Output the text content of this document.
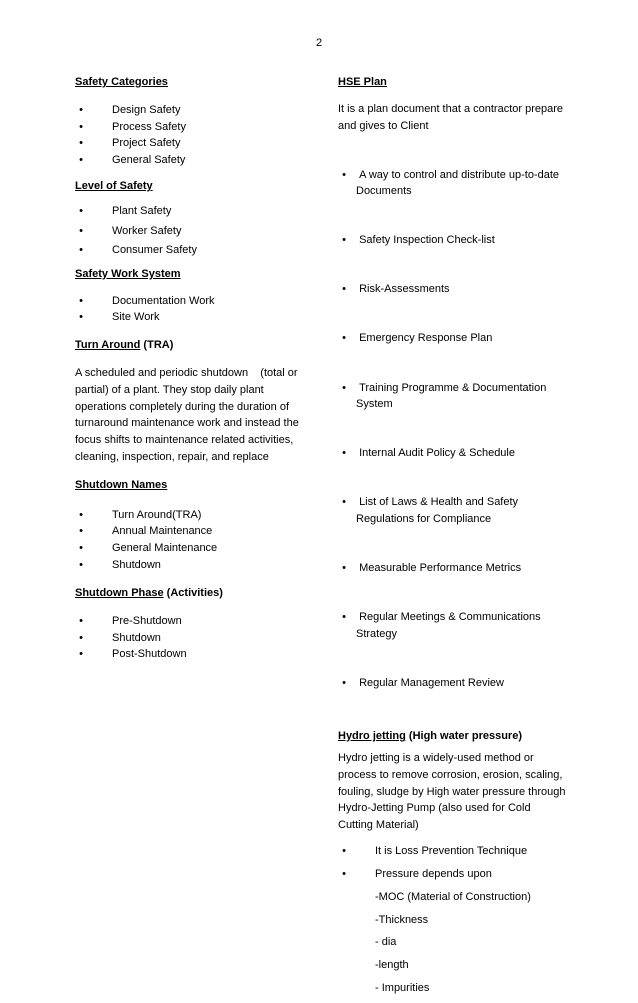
2
Safety Categories
•	Design Safety
•	Process Safety
•	Project Safety
•	General Safety
Level of Safety
•	Plant Safety
•	Worker Safety
•	Consumer Safety
Safety Work System
•	Documentation Work
•	Site Work
Turn Around (TRA)

A scheduled and periodic shutdown    (total or partial) of a plant. They stop daily plant operations completely during the duration of turnaround maintenance work and instead the focus shifts to maintenance related activities, cleaning, inspection, repair, and replace

Shutdown Names
•	Turn Around(TRA)
•	Annual Maintenance
•	General Maintenance
•	Shutdown
Shutdown Phase (Activities)
•	Pre-Shutdown
•	Shutdown
•	Post-Shutdown
HSE Plan

It is a plan document that a contractor prepare and gives to Client

• A way to control and distribute up-to-date Documents

• Safety Inspection Check-list

• Risk-Assessments

• Emergency Response Plan

• Training Programme & Documentation System

• Internal Audit Policy & Schedule

• List of Laws & Health and Safety Regulations for Compliance

• Measurable Performance Metrics

• Regular Meetings & Communications Strategy

• Regular Management Review

Hydro jetting (High water pressure)

Hydro jetting is a widely-used method or process to remove corrosion, erosion, scaling, fouling, sludge by High water pressure through Hydro-Jetting Pump (also used for Cold Cutting Material)

•	It is Loss Prevention Technique
•	Pressure depends upon
-MOC (Material of Construction)
-Thickness
- dia
-length
- Impurities
